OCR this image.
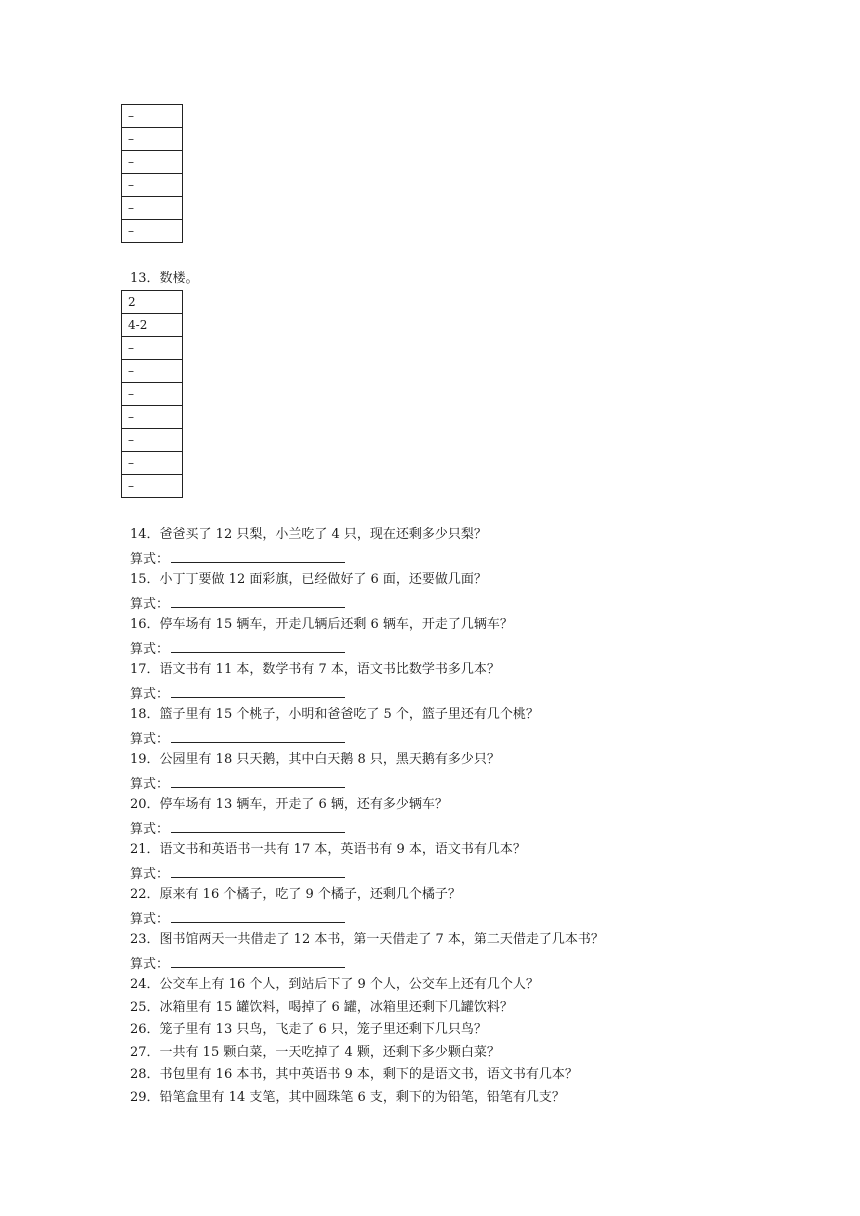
–
–
–
–
–
–
13．数楼。
2
4-2
–
–
–
–
–
–
–
14．爸爸买了 12 只梨，小兰吃了 4 只，现在还剩多少只梨？
算式：
15．小丁丁要做 12 面彩旗，已经做好了 6 面，还要做几面？
算式：
16．停车场有 15 辆车，开走几辆后还剩 6 辆车，开走了几辆车？
算式：
17．语文书有 11 本，数学书有 7 本，语文书比数学书多几本？
算式：
18．篮子里有 15 个桃子，小明和爸爸吃了 5 个，篮子里还有几个桃？
算式：
19．公园里有 18 只天鹅，其中白天鹅 8 只，黑天鹅有多少只？
算式：
20．停车场有 13 辆车，开走了 6 辆，还有多少辆车？
算式：
21．语文书和英语书一共有 17 本，英语书有 9 本，语文书有几本？
算式：
22．原来有 16 个橘子，吃了 9 个橘子，还剩几个橘子？
算式：
23．图书馆两天一共借走了 12 本书，第一天借走了 7 本，第二天借走了几本书？
算式：
24．公交车上有 16 个人，到站后下了 9 个人，公交车上还有几个人？
25．冰箱里有 15 罐饮料，喝掉了 6 罐，冰箱里还剩下几罐饮料？
26．笼子里有 13 只鸟，飞走了 6 只，笼子里还剩下几只鸟？
27．一共有 15 颗白菜，一天吃掉了 4 颗，还剩下多少颗白菜？
28．书包里有 16 本书，其中英语书 9 本，剩下的是语文书，语文书有几本？
29．铅笔盒里有 14 支笔，其中圆珠笔 6 支，剩下的为铅笔，铅笔有几支？
